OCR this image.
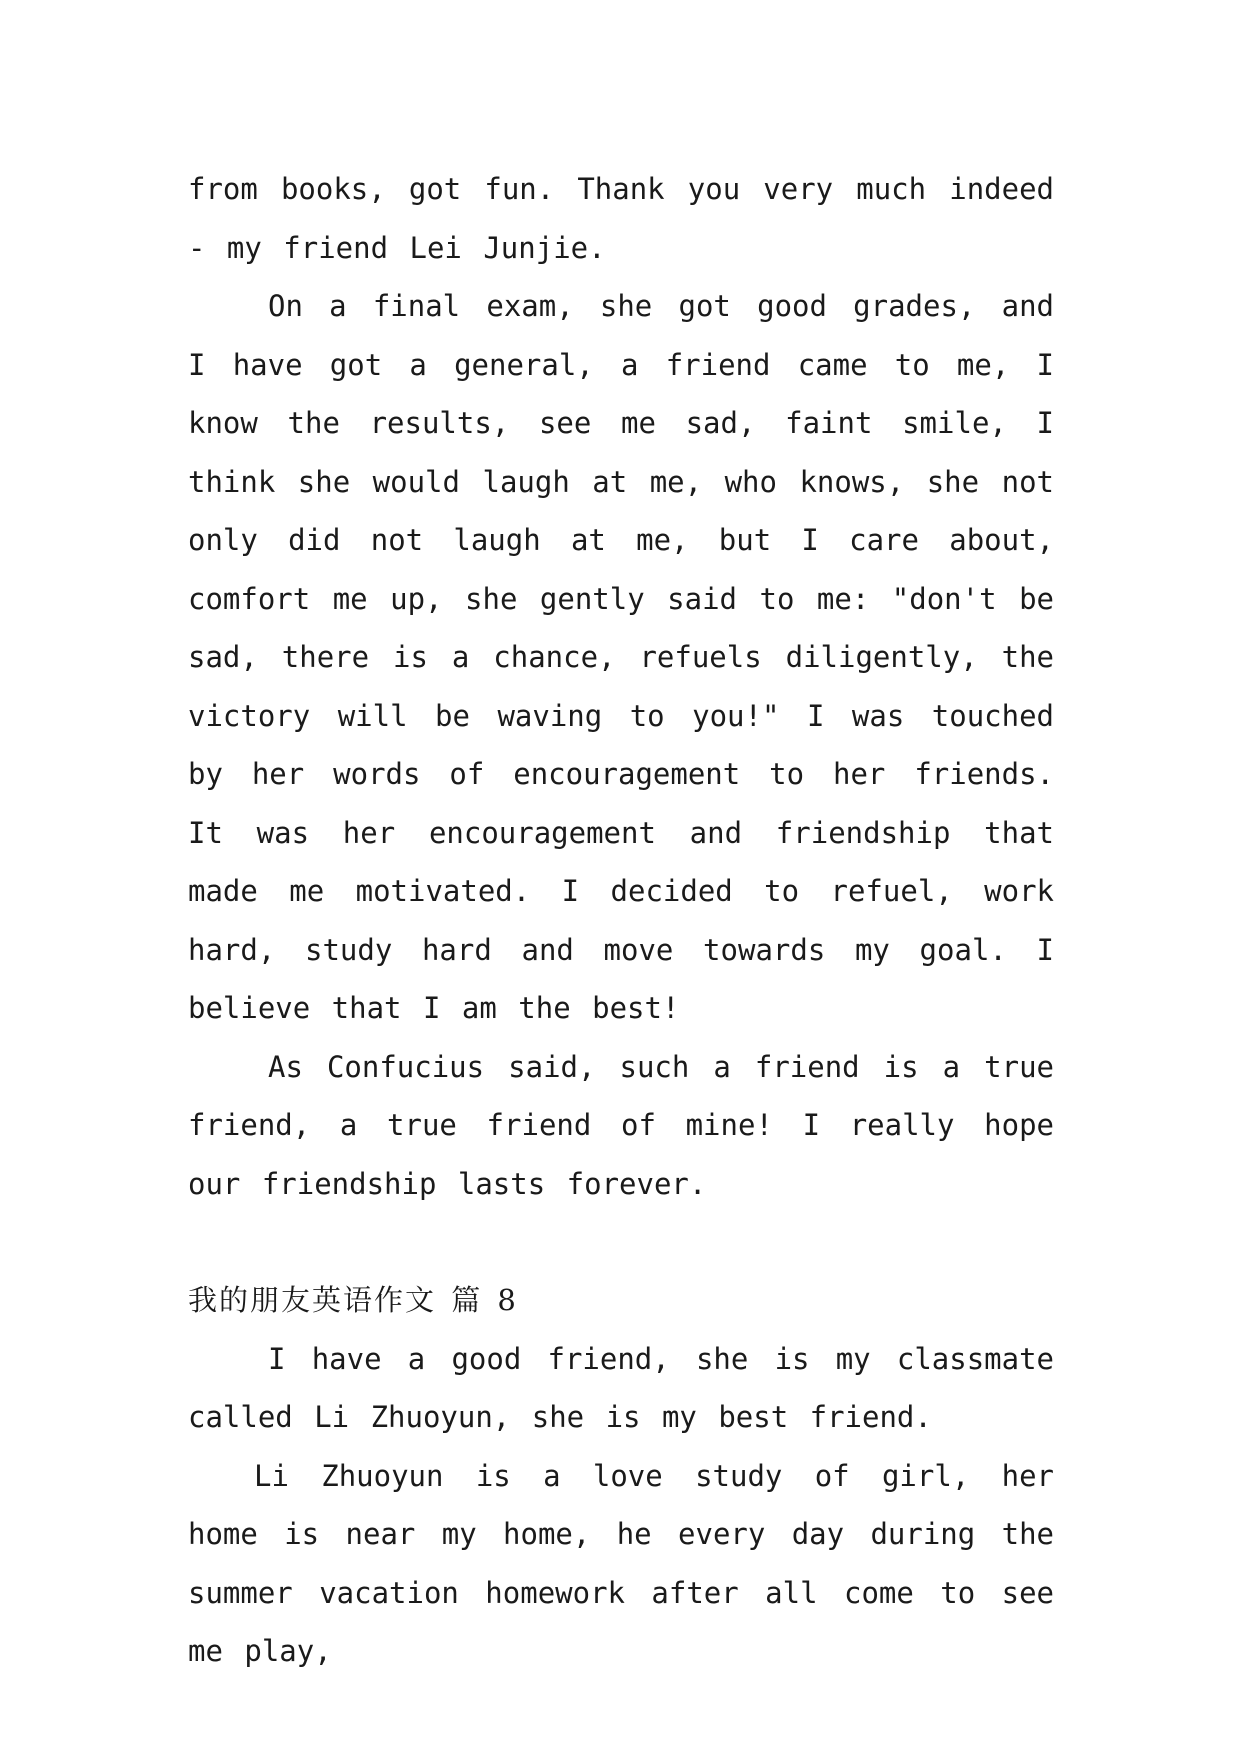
from books, got fun. Thank you very much indeed - my friend Lei Junjie.

On a final exam, she got good grades, and I have got a general, a friend came to me, I know the results, see me sad, faint smile, I think she would laugh at me, who knows, she not only did not laugh at me, but I care about, comfort me up, she gently said to me: "don't be sad, there is a chance, refuels diligently, the victory will be waving to you!" I was touched by her words of encouragement to her friends. It was her encouragement and friendship that made me motivated. I decided to refuel, work hard, study hard and move towards my goal. I believe that I am the best!

As Confucius said, such a friend is a true friend, a true friend of mine! I really hope our friendship lasts forever.

我的朋友英语作文 篇 8

I have a good friend, she is my classmate called Li Zhuoyun, she is my best friend.

Li Zhuoyun is a love study of girl, her home is near my home, he every day during the summer vacation homework after all come to see me play,
